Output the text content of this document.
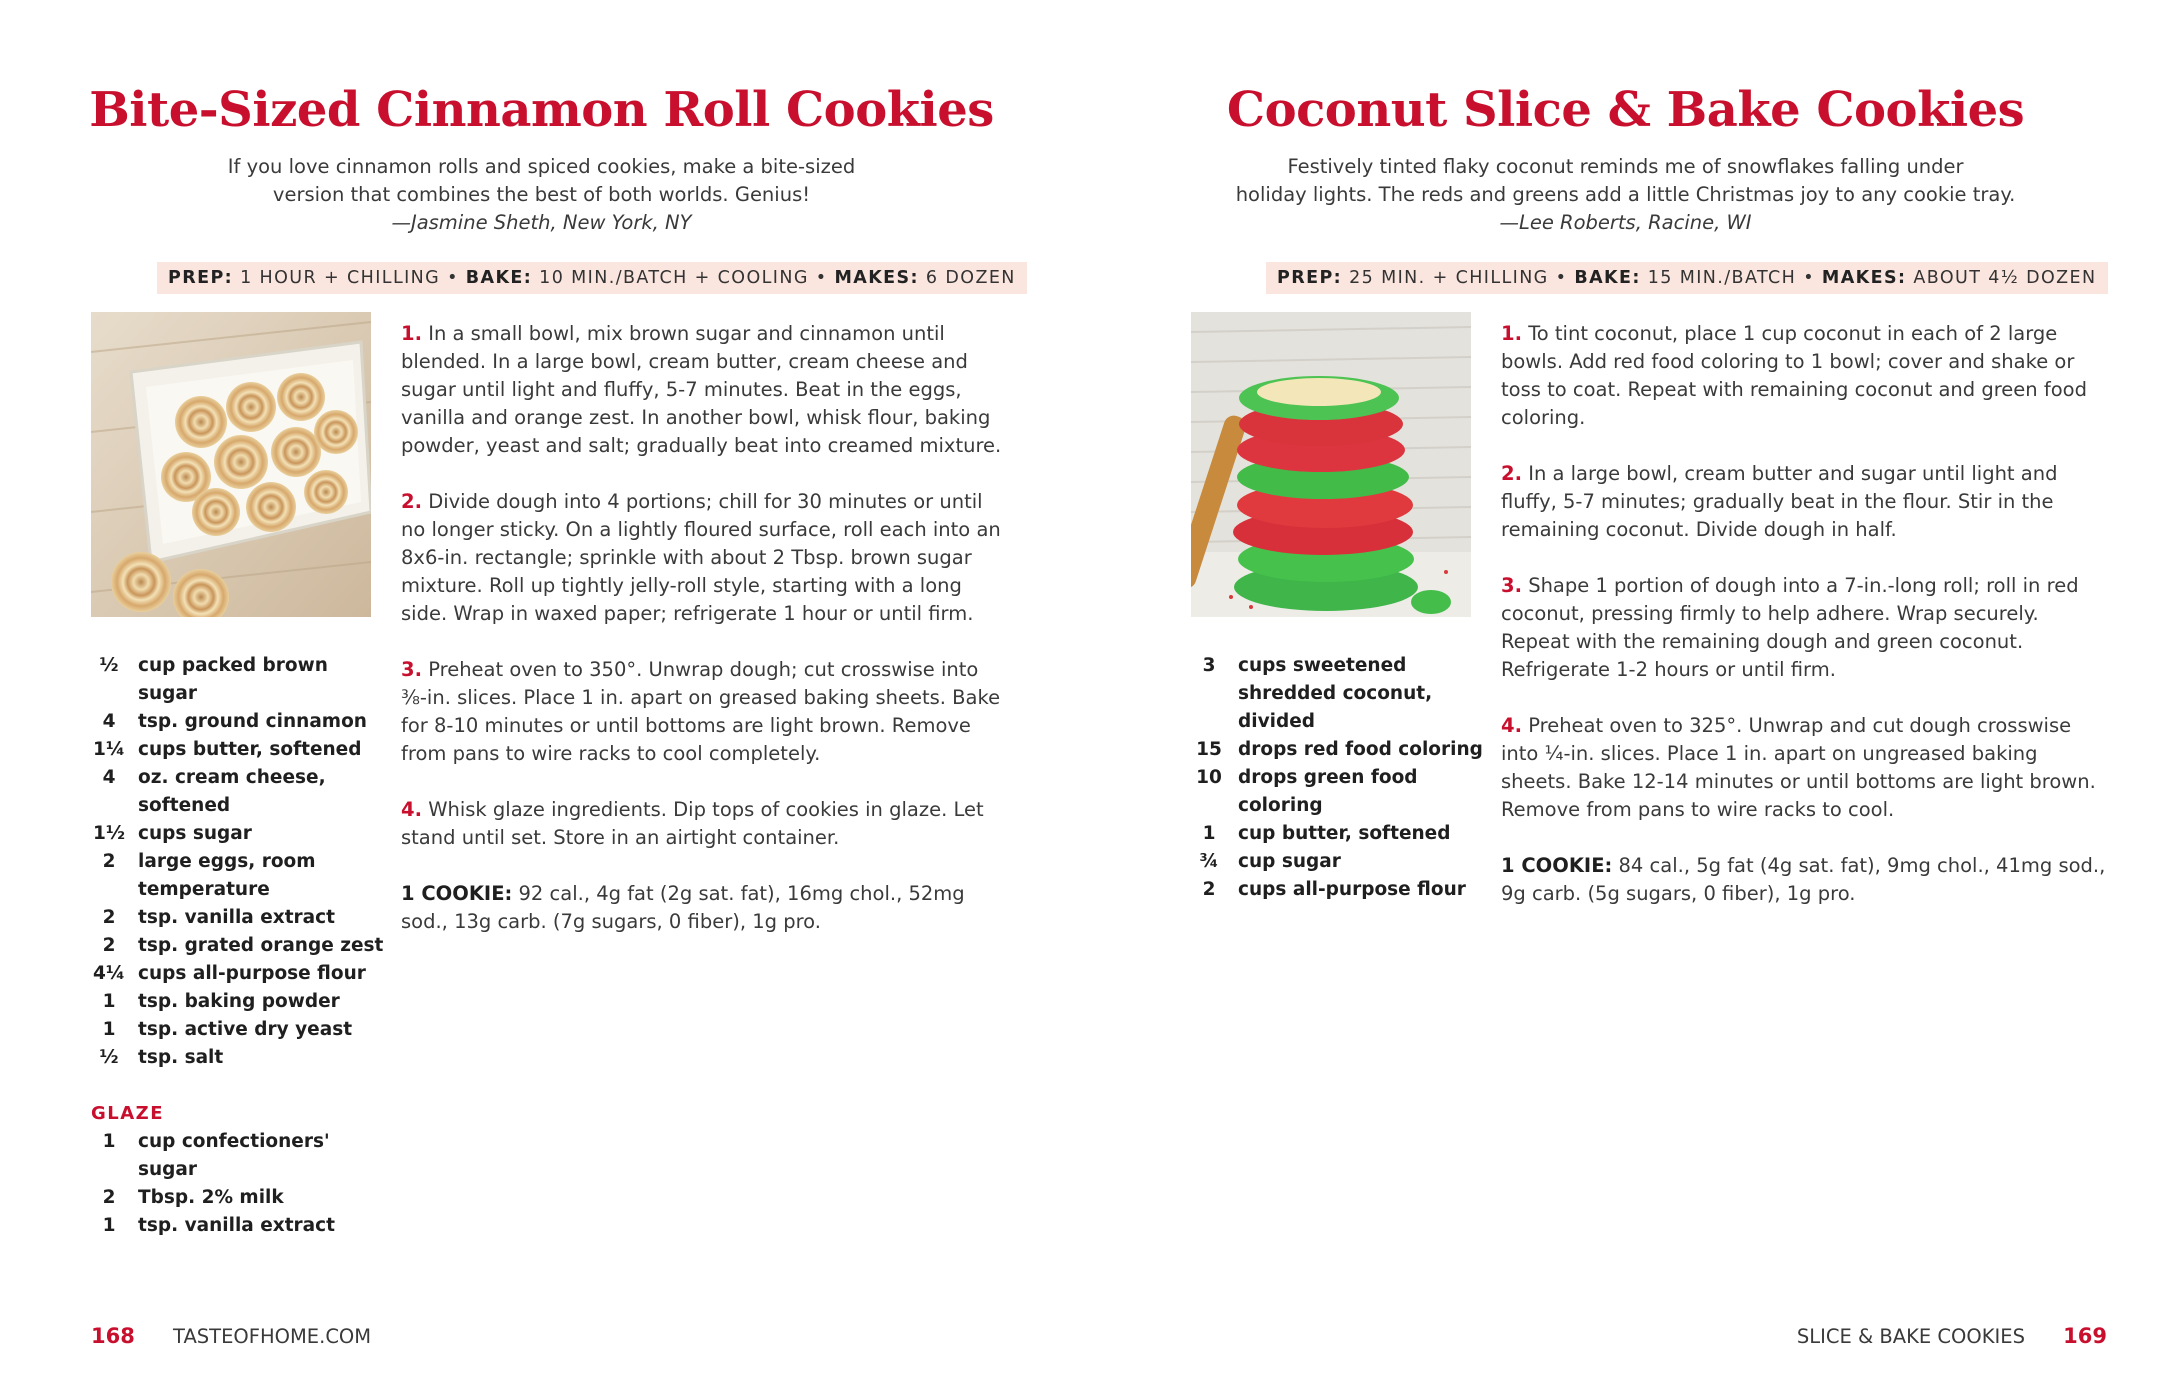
Bite-Sized Cinnamon Roll Cookies
If you love cinnamon rolls and spiced cookies, make a bite-sized
version that combines the best of both worlds. Genius!
—Jasmine Sheth, New York, NY
PREP: 1 HOUR + CHILLING • BAKE: 10 MIN./BATCH + COOLING • MAKES: 6 DOZEN
½	cup packed brown sugar
4	tsp. ground cinnamon
1¼ cups butter, softened
4	oz. cream cheese, softened
1½ cups sugar
2	large eggs, room temperature
2	tsp. vanilla extract
2	tsp. grated orange zest
4¼ cups all-purpose flour
1	tsp. baking powder
1	tsp. active dry yeast
½	tsp. salt
GLAZE
1	cup confectioners' sugar
2	Tbsp. 2% milk
1	tsp. vanilla extract

1. In a small bowl, mix brown sugar and cinnamon until blended. In a large bowl, cream butter, cream cheese and sugar until light and fluffy, 5-7 minutes. Beat in the eggs, vanilla and orange zest. In another bowl, whisk flour, baking powder, yeast and salt; gradually beat into creamed mixture.

2. Divide dough into 4 portions; chill for 30 minutes or until no longer sticky. On a lightly floured surface, roll each into an 8x6-in. rectangle; sprinkle with about 2 Tbsp. brown sugar mixture. Roll up tightly jelly-roll style, starting with a long side. Wrap in waxed paper; refrigerate 1 hour or until firm.

3. Preheat oven to 350°. Unwrap dough; cut crosswise into ⅜-in. slices. Place 1 in. apart on greased baking sheets. Bake for 8-10 minutes or until bottoms are light brown. Remove from pans to wire racks to cool completely.

4. Whisk glaze ingredients. Dip tops of cookies in glaze. Let stand until set. Store in an airtight container.

1 COOKIE: 92 cal., 4g fat (2g sat. fat), 16mg chol., 52mg sod., 13g carb. (7g sugars, 0 fiber), 1g pro.

168 TASTEOFHOME.COM
Coconut Slice & Bake Cookies
Festively tinted flaky coconut reminds me of snowflakes falling under
holiday lights. The reds and greens add a little Christmas joy to any cookie tray.
—Lee Roberts, Racine, WI
PREP: 25 MIN. + CHILLING • BAKE: 15 MIN./BATCH • MAKES: ABOUT 4½ DOZEN
3	cups sweetened shredded coconut, divided
15 drops red food coloring
10 drops green food coloring
1	cup butter, softened
¾	cup sugar
2	cups all-purpose flour

1. To tint coconut, place 1 cup coconut in each of 2 large bowls. Add red food coloring to 1 bowl; cover and shake or toss to coat. Repeat with remaining coconut and green food coloring.

2. In a large bowl, cream butter and sugar until light and fluffy, 5-7 minutes; gradually beat in the flour. Stir in the remaining coconut. Divide dough in half.

3. Shape 1 portion of dough into a 7-in.-long roll; roll in red coconut, pressing firmly to help adhere. Wrap securely. Repeat with the remaining dough and green coconut. Refrigerate 1-2 hours or until firm.

4. Preheat oven to 325°. Unwrap and cut dough crosswise into ¼-in. slices. Place 1 in. apart on ungreased baking sheets. Bake 12-14 minutes or until bottoms are light brown. Remove from pans to wire racks to cool.

1 COOKIE: 84 cal., 5g fat (4g sat. fat), 9mg chol., 41mg sod., 9g carb. (5g sugars, 0 fiber), 1g pro.

SLICE & BAKE COOKIES 169
